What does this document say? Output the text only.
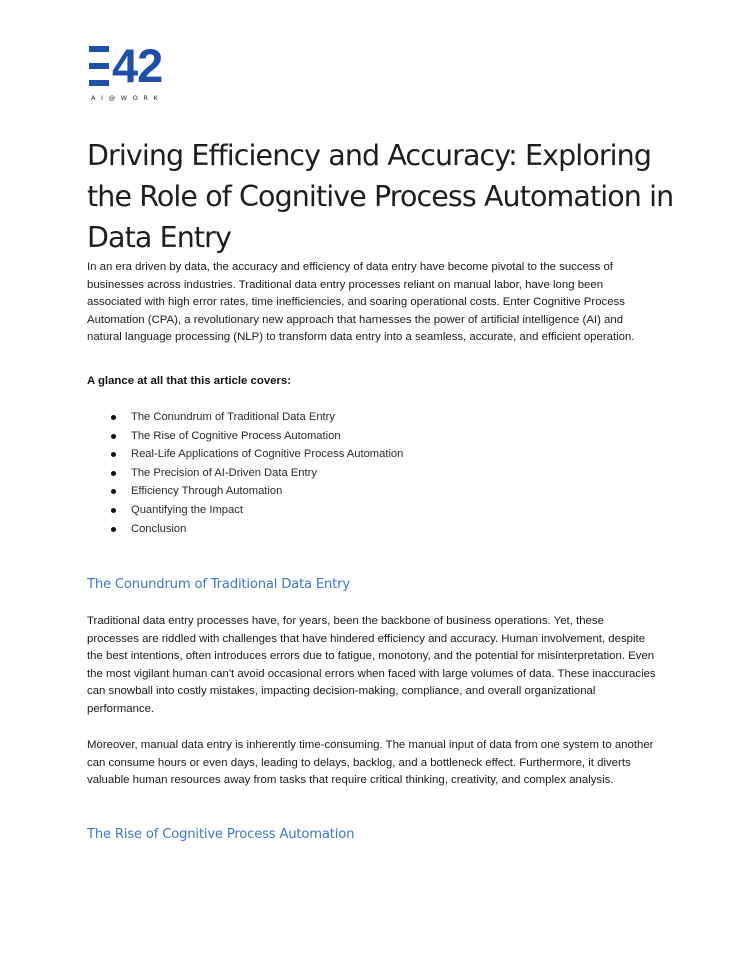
42
AI@WORK
Driving Efficiency and Accuracy: Exploring the Role of Cognitive Process Automation in Data Entry

In an era driven by data, the accuracy and efficiency of data entry have become pivotal to the success of businesses across industries. Traditional data entry processes reliant on manual labor, have long been associated with high error rates, time inefficiencies, and soaring operational costs. Enter Cognitive Process Automation (CPA), a revolutionary new approach that harnesses the power of artificial intelligence (AI) and natural language processing (NLP) to transform data entry into a seamless, accurate, and efficient operation.

A glance at all that this article covers:

The Conundrum of Traditional Data Entry
The Rise of Cognitive Process Automation
Real-Life Applications of Cognitive Process Automation
The Precision of AI-Driven Data Entry
Efficiency Through Automation
Quantifying the Impact
Conclusion
The Conundrum of Traditional Data Entry

Traditional data entry processes have, for years, been the backbone of business operations. Yet, these processes are riddled with challenges that have hindered efficiency and accuracy. Human involvement, despite the best intentions, often introduces errors due to fatigue, monotony, and the potential for misinterpretation. Even the most vigilant human can't avoid occasional errors when faced with large volumes of data. These inaccuracies can snowball into costly mistakes, impacting decision-making, compliance, and overall organizational performance.

Moreover, manual data entry is inherently time-consuming. The manual input of data from one system to another can consume hours or even days, leading to delays, backlog, and a bottleneck effect. Furthermore, it diverts valuable human resources away from tasks that require critical thinking, creativity, and complex analysis.

The Rise of Cognitive Process Automation
